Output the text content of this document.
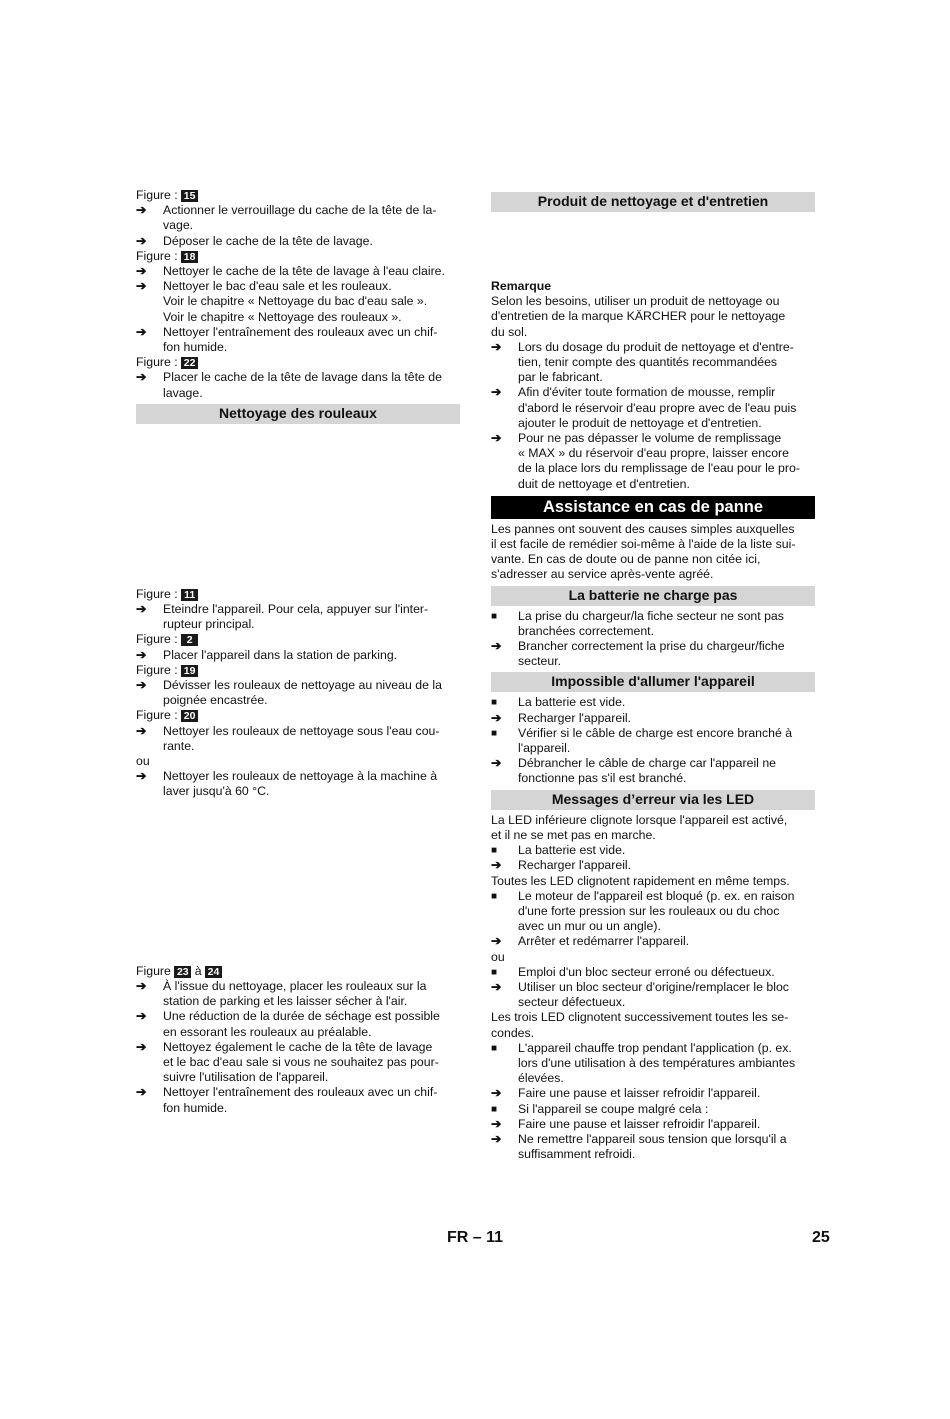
Figure : 15

➔	Actionner le verrouillage du cache de la tête de la-
vage.
➔	Déposer le cache de la tête de lavage.

Figure : 18

➔	Nettoyer le cache de la tête de lavage à l'eau claire.
➔	Nettoyer le bac d'eau sale et les rouleaux.
Voir le chapitre « Nettoyage du bac d'eau sale ».
Voir le chapitre « Nettoyage des rouleaux ».
➔	Nettoyer l'entraînement des rouleaux avec un chif-
fon humide.

Figure : 22

➔	Placer le cache de la tête de lavage dans la tête de
lavage.
Nettoyage des rouleaux

Figure : 11

➔	Eteindre l'appareil. Pour cela, appuyer sur l'inter-
rupteur principal.

Figure : 2

➔	Placer l'appareil dans la station de parking.

Figure : 19

➔	Dévisser les rouleaux de nettoyage au niveau de la
poignée encastrée.

Figure : 20

➔	Nettoyer les rouleaux de nettoyage sous l'eau cou-
rante.

ou

➔	Nettoyer les rouleaux de nettoyage à la machine à
laver jusqu'à 60 °C.

Figure 23 à 24

➔	À l'issue du nettoyage, placer les rouleaux sur la
station de parking et les laisser sécher à l'air.
➔	Une réduction de la durée de séchage est possible
en essorant les rouleaux au préalable.
➔	Nettoyez également le cache de la tête de lavage
et le bac d'eau sale si vous ne souhaitez pas pour-
suivre l'utilisation de l'appareil.
➔	Nettoyer l'entraînement des rouleaux avec un chif-
fon humide.
Produit de nettoyage et d'entretien

Remarque

Selon les besoins, utiliser un produit de nettoyage ou
d'entretien de la marque KÄRCHER pour le nettoyage
du sol.

➔	Lors du dosage du produit de nettoyage et d'entre-
tien, tenir compte des quantités recommandées
par le fabricant.
➔	Afin d'éviter toute formation de mousse, remplir
d'abord le réservoir d'eau propre avec de l'eau puis
ajouter le produit de nettoyage et d'entretien.
➔	Pour ne pas dépasser le volume de remplissage
« MAX » du réservoir d'eau propre, laisser encore
de la place lors du remplissage de l'eau pour le pro-
duit de nettoyage et d'entretien.
Assistance en cas de panne

Les pannes ont souvent des causes simples auxquelles
il est facile de remédier soi-même à l'aide de la liste sui-
vante. En cas de doute ou de panne non citée ici,
s'adresser au service après-vente agréé.

La batterie ne charge pas
■	La prise du chargeur/la fiche secteur ne sont pas
branchées correctement.
➔	Brancher correctement la prise du chargeur/fiche
secteur.
Impossible d'allumer l'appareil
■	La batterie est vide.
➔	Recharger l'appareil.
■	Vérifier si le câble de charge est encore branché à
l'appareil.
➔	Débrancher le câble de charge car l'appareil ne
fonctionne pas s'il est branché.
Messages d’erreur via les LED

La LED inférieure clignote lorsque l'appareil est activé,
et il ne se met pas en marche.

■	La batterie est vide.
➔	Recharger l'appareil.

Toutes les LED clignotent rapidement en même temps.

■	Le moteur de l'appareil est bloqué (p. ex. en raison
d'une forte pression sur les rouleaux ou du choc
avec un mur ou un angle).
➔	Arrêter et redémarrer l'appareil.

ou

■	Emploi d'un bloc secteur erroné ou défectueux.
➔	Utiliser un bloc secteur d'origine/remplacer le bloc
secteur défectueux.

Les trois LED clignotent successivement toutes les se-
condes.

■	L'appareil chauffe trop pendant l'application (p. ex.
lors d'une utilisation à des températures ambiantes
élevées.
➔	Faire une pause et laisser refroidir l'appareil.
■	Si l'appareil se coupe malgré cela :
➔	Faire une pause et laisser refroidir l'appareil.
➔	Ne remettre l'appareil sous tension que lorsqu'il a
suffisamment refroidi.
FR – 11	25
